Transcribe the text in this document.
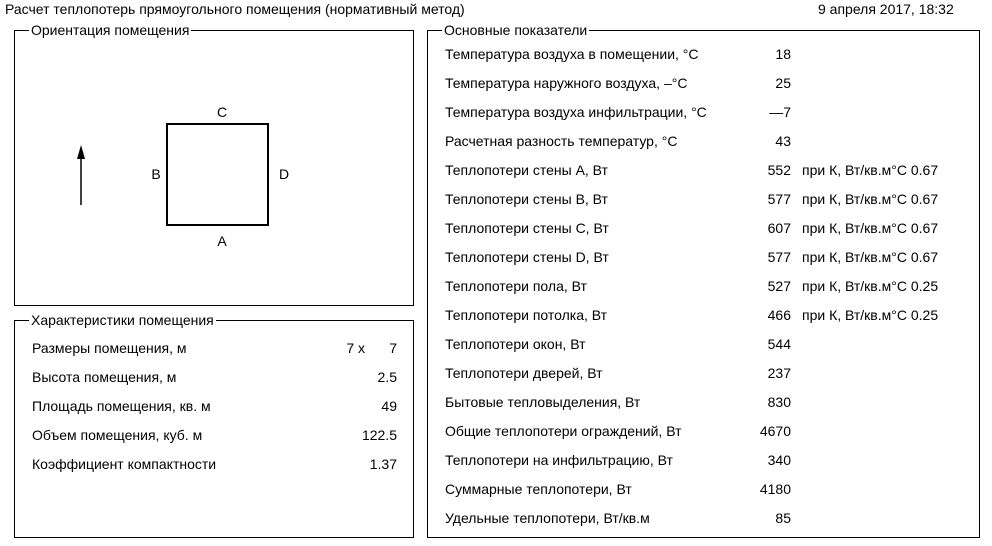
Расчет теплопотерь прямоугольного помещения (нормативный метод)	9 апреля 2017, 18:32
Ориентация помещения
C
B	D
A
Характеристики помещения
Размеры помещения, м	7 x	7
Высота помещения, м	2.5
Площадь помещения, кв. м	49
Объем помещения, куб. м	122.5
Коэффициент компактности	1.37
Основные показатели
Температура воздуха в помещении, °C	18
Температура наружного воздуха, –°C	25
Температура воздуха инфильтрации, °C	—7
Расчетная разность температур, °C	43
Теплопотери стены A, Вт	552 при К, Вт/кв.м°С 0.67
Теплопотери стены B, Вт	577 при К, Вт/кв.м°С 0.67
Теплопотери стены C, Вт	607 при К, Вт/кв.м°С 0.67
Теплопотери стены D, Вт	577 при К, Вт/кв.м°С 0.67
Теплопотери пола, Вт	527 при К, Вт/кв.м°С 0.25
Теплопотери потолка, Вт	466 при К, Вт/кв.м°С 0.25
Теплопотери окон, Вт	544
Теплопотери дверей, Вт	237
Бытовые тепловыделения, Вт	830
Общие теплопотери ограждений, Вт	4670
Теплопотери на инфильтрацию, Вт	340
Суммарные теплопотери, Вт	4180
Удельные теплопотери, Вт/кв.м	85
